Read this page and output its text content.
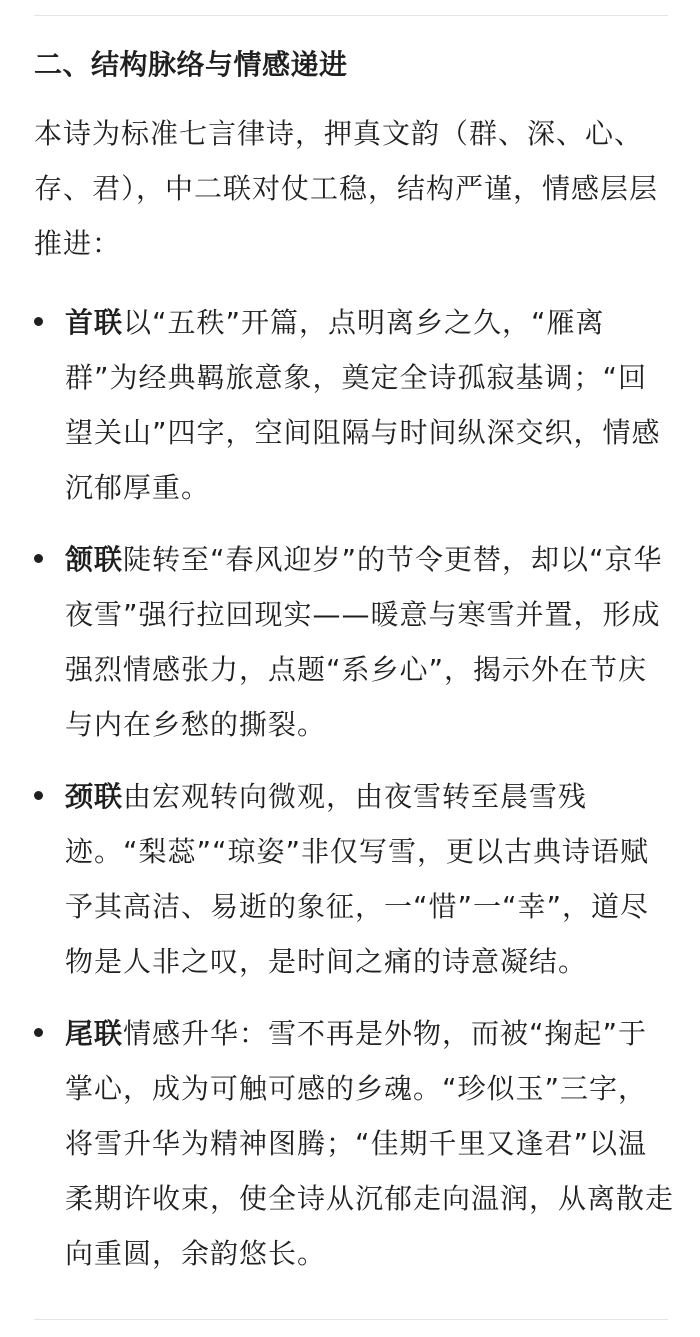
二、结构脉络与情感递进

本诗为标准七言律诗，押真文韵（群、深、心、存、君），中二联对仗工稳，结构严谨，情感层层推进：

首联以“五秩”开篇，点明离乡之久，“雁离群”为经典羁旅意象，奠定全诗孤寂基调；“回望关山”四字，空间阻隔与时间纵深交织，情感沉郁厚重。
颔联陡转至“春风迎岁”的节令更替，却以“京华夜雪”强行拉回现实——暖意与寒雪并置，形成强烈情感张力，点题“系乡心”，揭示外在节庆与内在乡愁的撕裂。
颈联由宏观转向微观，由夜雪转至晨雪残迹。“梨蕊”“琼姿”非仅写雪，更以古典诗语赋予其高洁、易逝的象征，一“惜”一“幸”，道尽物是人非之叹，是时间之痛的诗意凝结。
尾联情感升华：雪不再是外物，而被“掬起”于掌心，成为可触可感的乡魂。“珍似玉”三字，将雪升华为精神图腾；“佳期千里又逢君”以温柔期许收束，使全诗从沉郁走向温润，从离散走向重圆，余韵悠长。
